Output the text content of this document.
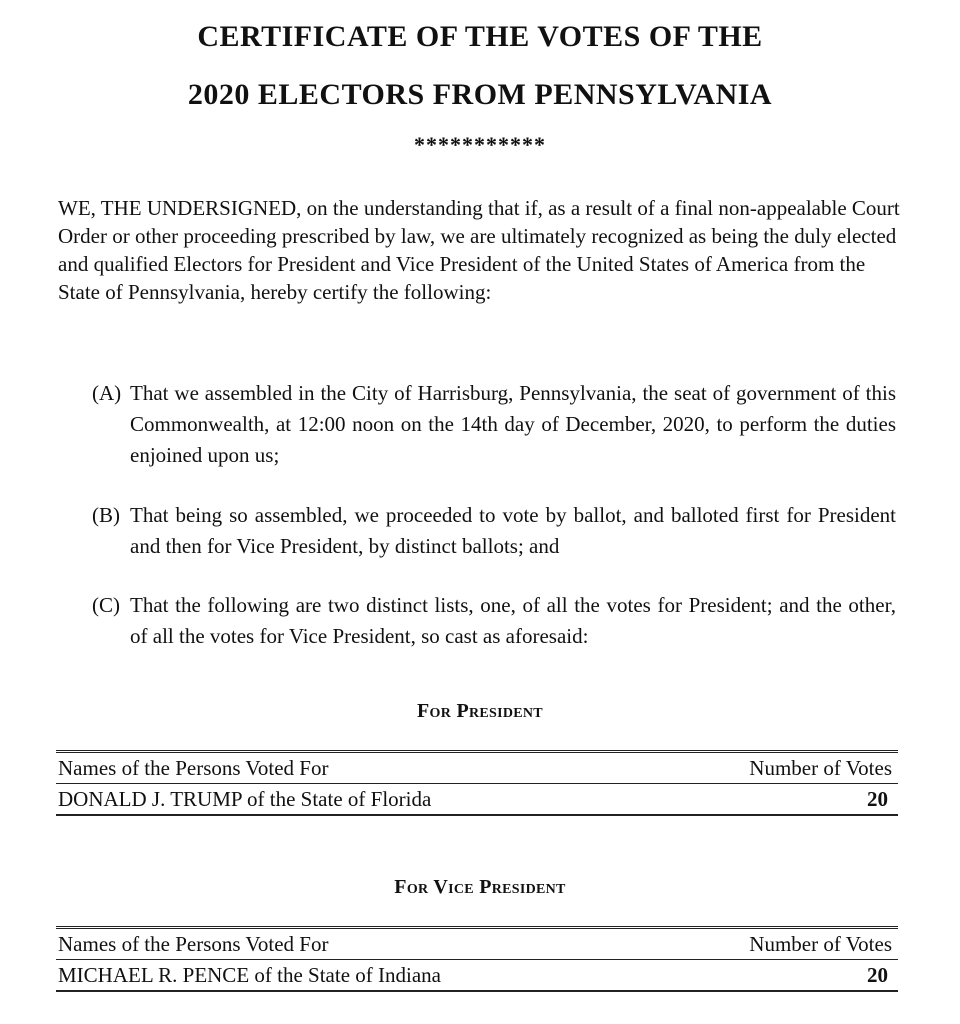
CERTIFICATE OF THE VOTES OF THE
2020 ELECTORS FROM PENNSYLVANIA
***********

WE, THE UNDERSIGNED, on the understanding that if, as a result of a final non-appealable Court Order or other proceeding prescribed by law, we are ultimately recognized as being the duly elected and qualified Electors for President and Vice President of the United States of America from the State of Pennsylvania, hereby certify the following:

(A) That we assembled in the City of Harrisburg, Pennsylvania, the seat of government of this Commonwealth, at 12:00 noon on the 14th day of December, 2020, to perform the duties enjoined upon us;
(B) That being so assembled, we proceeded to vote by ballot, and balloted first for President and then for Vice President, by distinct ballots; and
(C) That the following are two distinct lists, one, of all the votes for President; and the other, of all the votes for Vice President, so cast as aforesaid:
For President
Names of the Persons Voted For	Number of Votes
DONALD J. TRUMP of the State of Florida	20
For Vice President
Names of the Persons Voted For	Number of Votes
MICHAEL R. PENCE of the State of Indiana	20
